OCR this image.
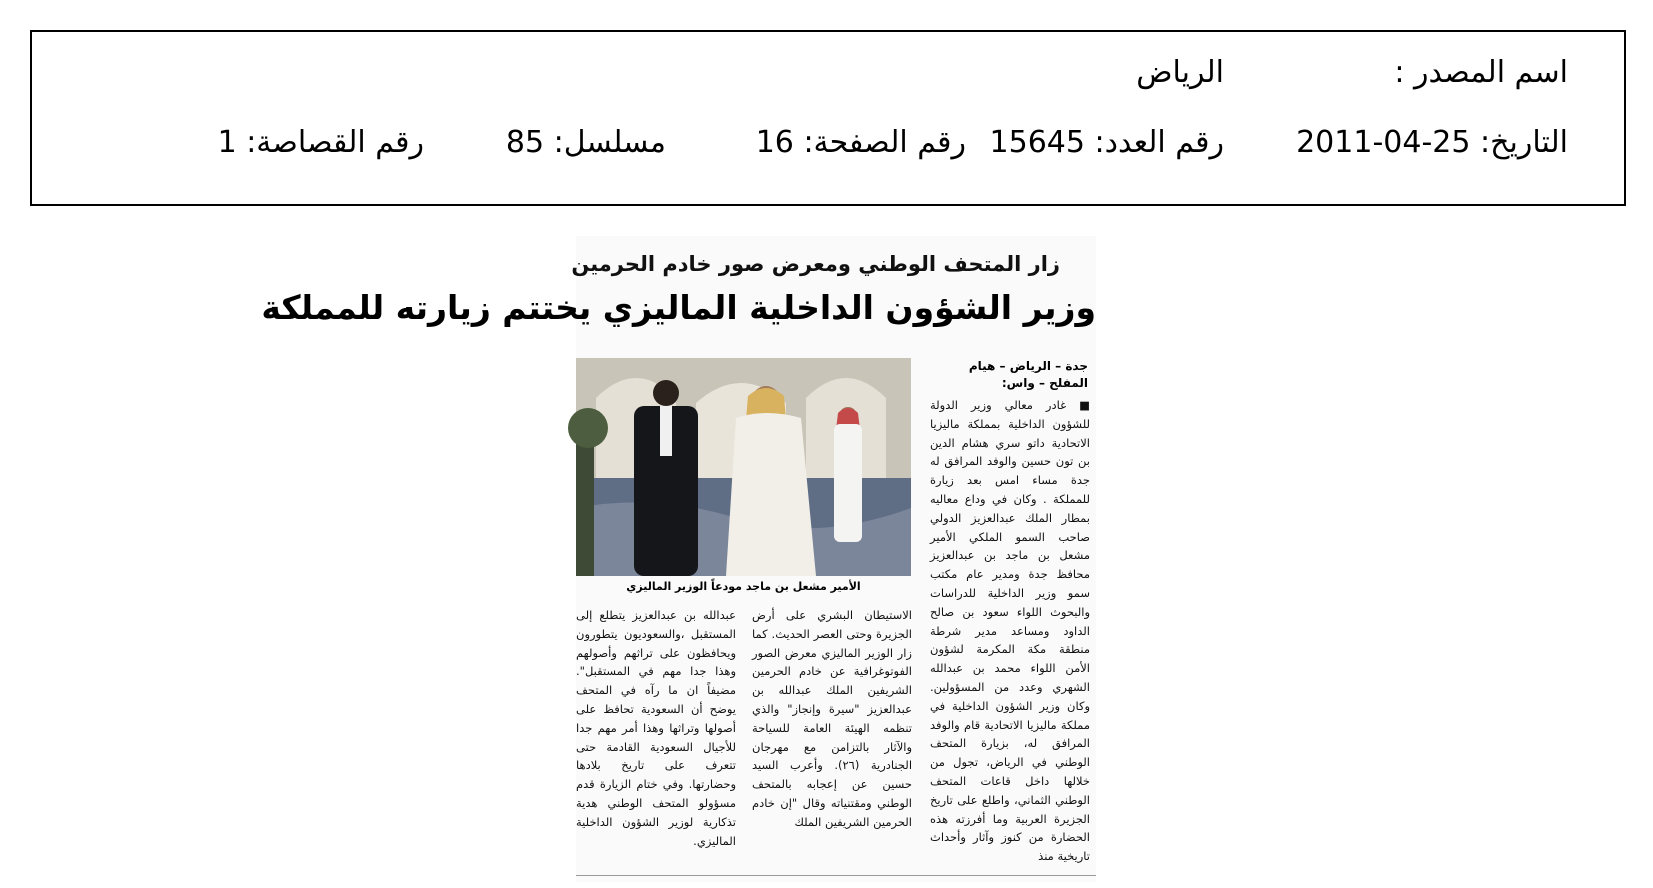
اسم المصدر :
الرياض
التاريخ: 25-04-2011
رقم العدد: 15645
رقم الصفحة: 16
مسلسل: 85
رقم القصاصة: 1
زار المتحف الوطني ومعرض صور خادم الحرمين
وزير الشؤون الداخلية الماليزي يختتم زيارته للمملكة
الأمير مشعل بن ماجد مودعاً الوزير الماليزي
جدة – الرياض – هيام المفلح – واس:
■ غادر معالي وزير الدولة للشؤون الداخلية بمملكة ماليزيا الاتحادية داتو سري هشام الدين بن تون حسين والوفد المرافق له جدة مساء امس بعد زيارة للمملكة . وكان في وداع معاليه بمطار الملك عبدالعزيز الدولي صاحب السمو الملكي الأمير مشعل بن ماجد بن عبدالعزيز محافظ جدة ومدير عام مكتب سمو وزير الداخلية للدراسات والبحوث اللواء سعود بن صالح الداود ومساعد مدير شرطة منطقة مكة المكرمة لشؤون الأمن اللواء محمد بن عبدالله الشهري وعدد من المسؤولين. وكان وزير الشؤون الداخلية في مملكة ماليزيا الاتحادية قام والوفد المرافق له، بزيارة المتحف الوطني في الرياض، تجول من خلالها داخل قاعات المتحف الوطني الثماني، واطلع على تاريخ الجزيرة العربية وما أفرزته هذه الحضارة من كنوز وآثار وأحداث تاريخية منذ
الاستيطان البشري على أرض الجزيرة وحتى العصر الحديث. كما زار الوزير الماليزي معرض الصور الفوتوغرافية عن خادم الحرمين الشريفين الملك عبدالله بن عبدالعزيز "سيرة وإنجاز" والذي تنظمه الهيئة العامة للسياحة والآثار بالتزامن مع مهرجان الجنادرية (٢٦). وأعرب السيد حسين عن إعجابه بالمتحف الوطني ومقتنياته وقال "إن خادم الحرمين الشريفين الملك
عبدالله بن عبدالعزيز يتطلع إلى المستقبل ،والسعوديون يتطورون ويحافظون على تراثهم وأصولهم وهذا جدا مهم في المستقبل". مضيفاً ان ما رآه في المتحف يوضح أن السعودية تحافظ على أصولها وتراثها وهذا أمر مهم جدا للأجيال السعودية القادمة حتى تتعرف على تاريخ بلادها وحضارتها. وفي ختام الزيارة قدم مسؤولو المتحف الوطني هدية تذكارية لوزير الشؤون الداخلية الماليزي.
